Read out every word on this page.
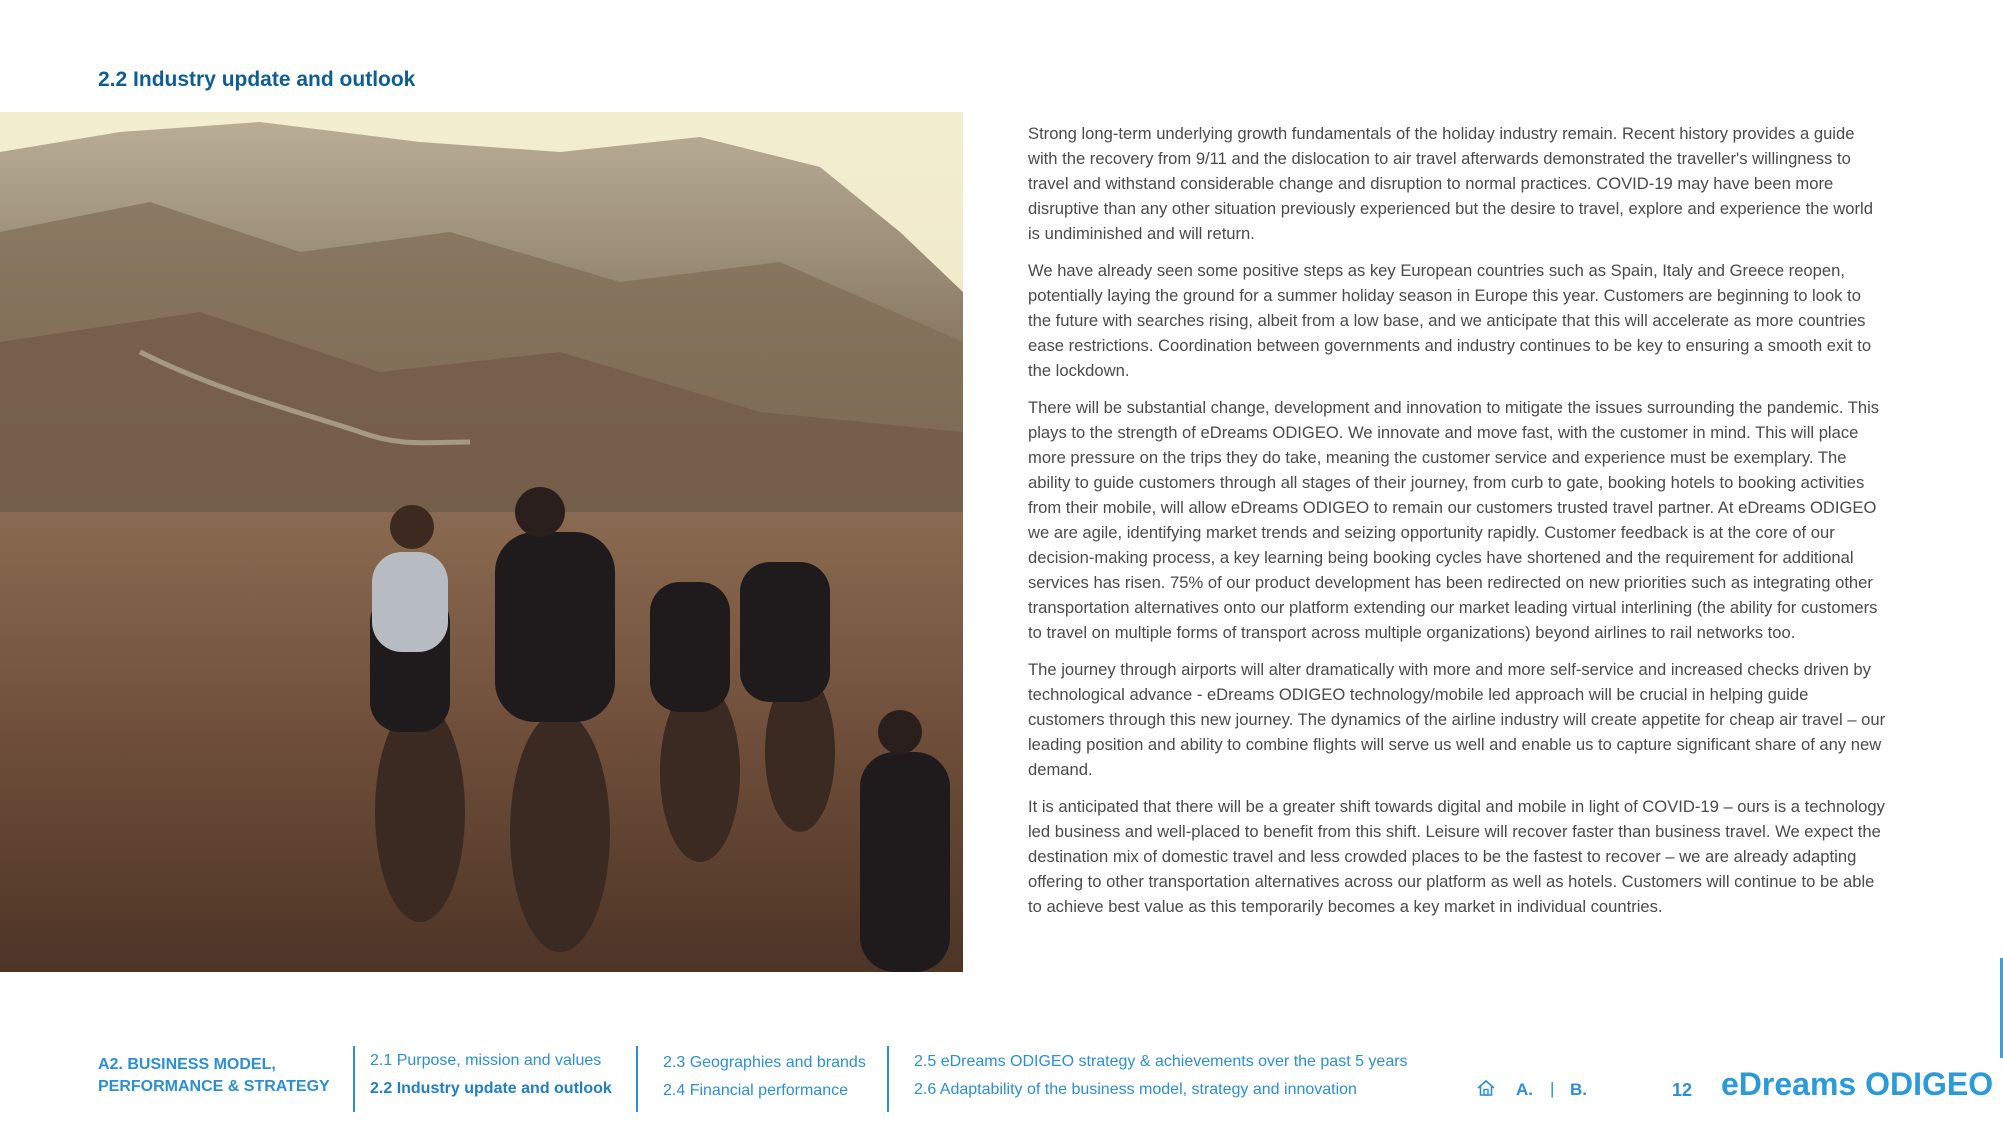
2.2 Industry update and outlook

Strong long-term underlying growth fundamentals of the holiday industry remain. Recent history provides a guide with the recovery from 9/11 and the dislocation to air travel afterwards demonstrated the traveller's willingness to travel and withstand considerable change and disruption to normal practices. COVID-19 may have been more disruptive than any other situation previously experienced but the desire to travel, explore and experience the world is undiminished and will return.

We have already seen some positive steps as key European countries such as Spain, Italy and Greece reopen, potentially laying the ground for a summer holiday season in Europe this year. Customers are beginning to look to the future with searches rising, albeit from a low base, and we anticipate that this will accelerate as more countries ease restrictions. Coordination between governments and industry continues to be key to ensuring a smooth exit to the lockdown.

There will be substantial change, development and innovation to mitigate the issues surrounding the pandemic. This plays to the strength of eDreams ODIGEO. We innovate and move fast, with the customer in mind. This will place more pressure on the trips they do take, meaning the customer service and experience must be exemplary. The ability to guide customers through all stages of their journey, from curb to gate, booking hotels to booking activities from their mobile, will allow eDreams ODIGEO to remain our customers trusted travel partner. At eDreams ODIGEO we are agile, identifying market trends and seizing opportunity rapidly. Customer feedback is at the core of our decision-making process, a key learning being booking cycles have shortened and the requirement for additional services has risen. 75% of our product development has been redirected on new priorities such as integrating other transportation alternatives onto our platform extending our market leading virtual interlining (the ability for customers to travel on multiple forms of transport across multiple organizations) beyond airlines to rail networks too.

The journey through airports will alter dramatically with more and more self-service and increased checks driven by technological advance - eDreams ODIGEO technology/mobile led approach will be crucial in helping guide customers through this new journey. The dynamics of the airline industry will create appetite for cheap air travel – our leading position and ability to combine flights will serve us well and enable us to capture significant share of any new demand.

It is anticipated that there will be a greater shift towards digital and mobile in light of COVID-19 – ours is a technology led business and well-placed to benefit from this shift. Leisure will recover faster than business travel. We expect the destination mix of domestic travel and less crowded places to be the fastest to recover – we are already adapting offering to other transportation alternatives across our platform as well as hotels. Customers will continue to be able to achieve best value as this temporarily becomes a key market in individual countries.

A2. BUSINESS MODEL, PERFORMANCE & STRATEGY
2.1 Purpose, mission and values
2.2 Industry update and outlook
2.3 Geographies and brands
2.4 Financial performance
2.5 eDreams ODIGEO strategy & achievements over the past 5 years
2.6 Adaptability of the business model, strategy and innovation	A. | B.	12 eDreams ODIGEO
